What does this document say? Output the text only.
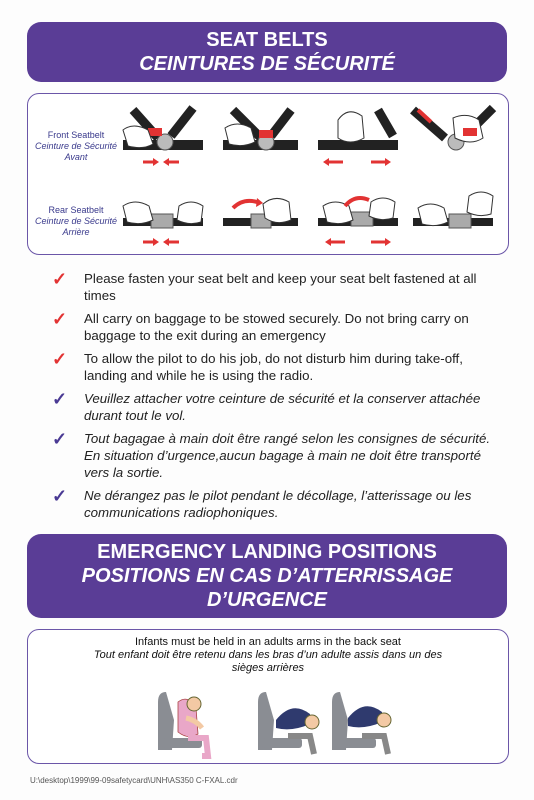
SEAT BELTS
CEINTURES DE SÉCURITÉ
Front Seatbelt
Ceinture de Sécurité Avant
Rear Seatbelt
Ceinture de Sécurité Arrière
✓ Please fasten your seat belt and keep your seat belt fastened at all times
✓ All carry on baggage to be stowed securely. Do not bring carry on baggage to the exit during an emergency
✓ To allow the pilot to do his job, do not disturb him during take-off, landing and while he is using the radio.
✓ Veuillez attacher votre ceinture de sécurité et la conserver attachée durant tout le vol.
✓ Tout bagagae à main doit être rangé selon les consignes de sécurité. En situation d’urgence,aucun bagage à main ne doit être transporté vers la sortie.
✓ Ne dérangez pas le pilot pendant le décollage, l’atterissage ou les communications radiophoniques.
EMERGENCY LANDING POSITIONS
POSITIONS EN CAS D’ATTERRISSAGE
D’URGENCE
Infants must be held in an adults arms in the back seat
Tout enfant doit être retenu dans les bras d’un adulte assis dans un des
sièges arrières
U:\desktop\1999\99-09safetycard\UNH\AS350 C-FXAL.cdr
